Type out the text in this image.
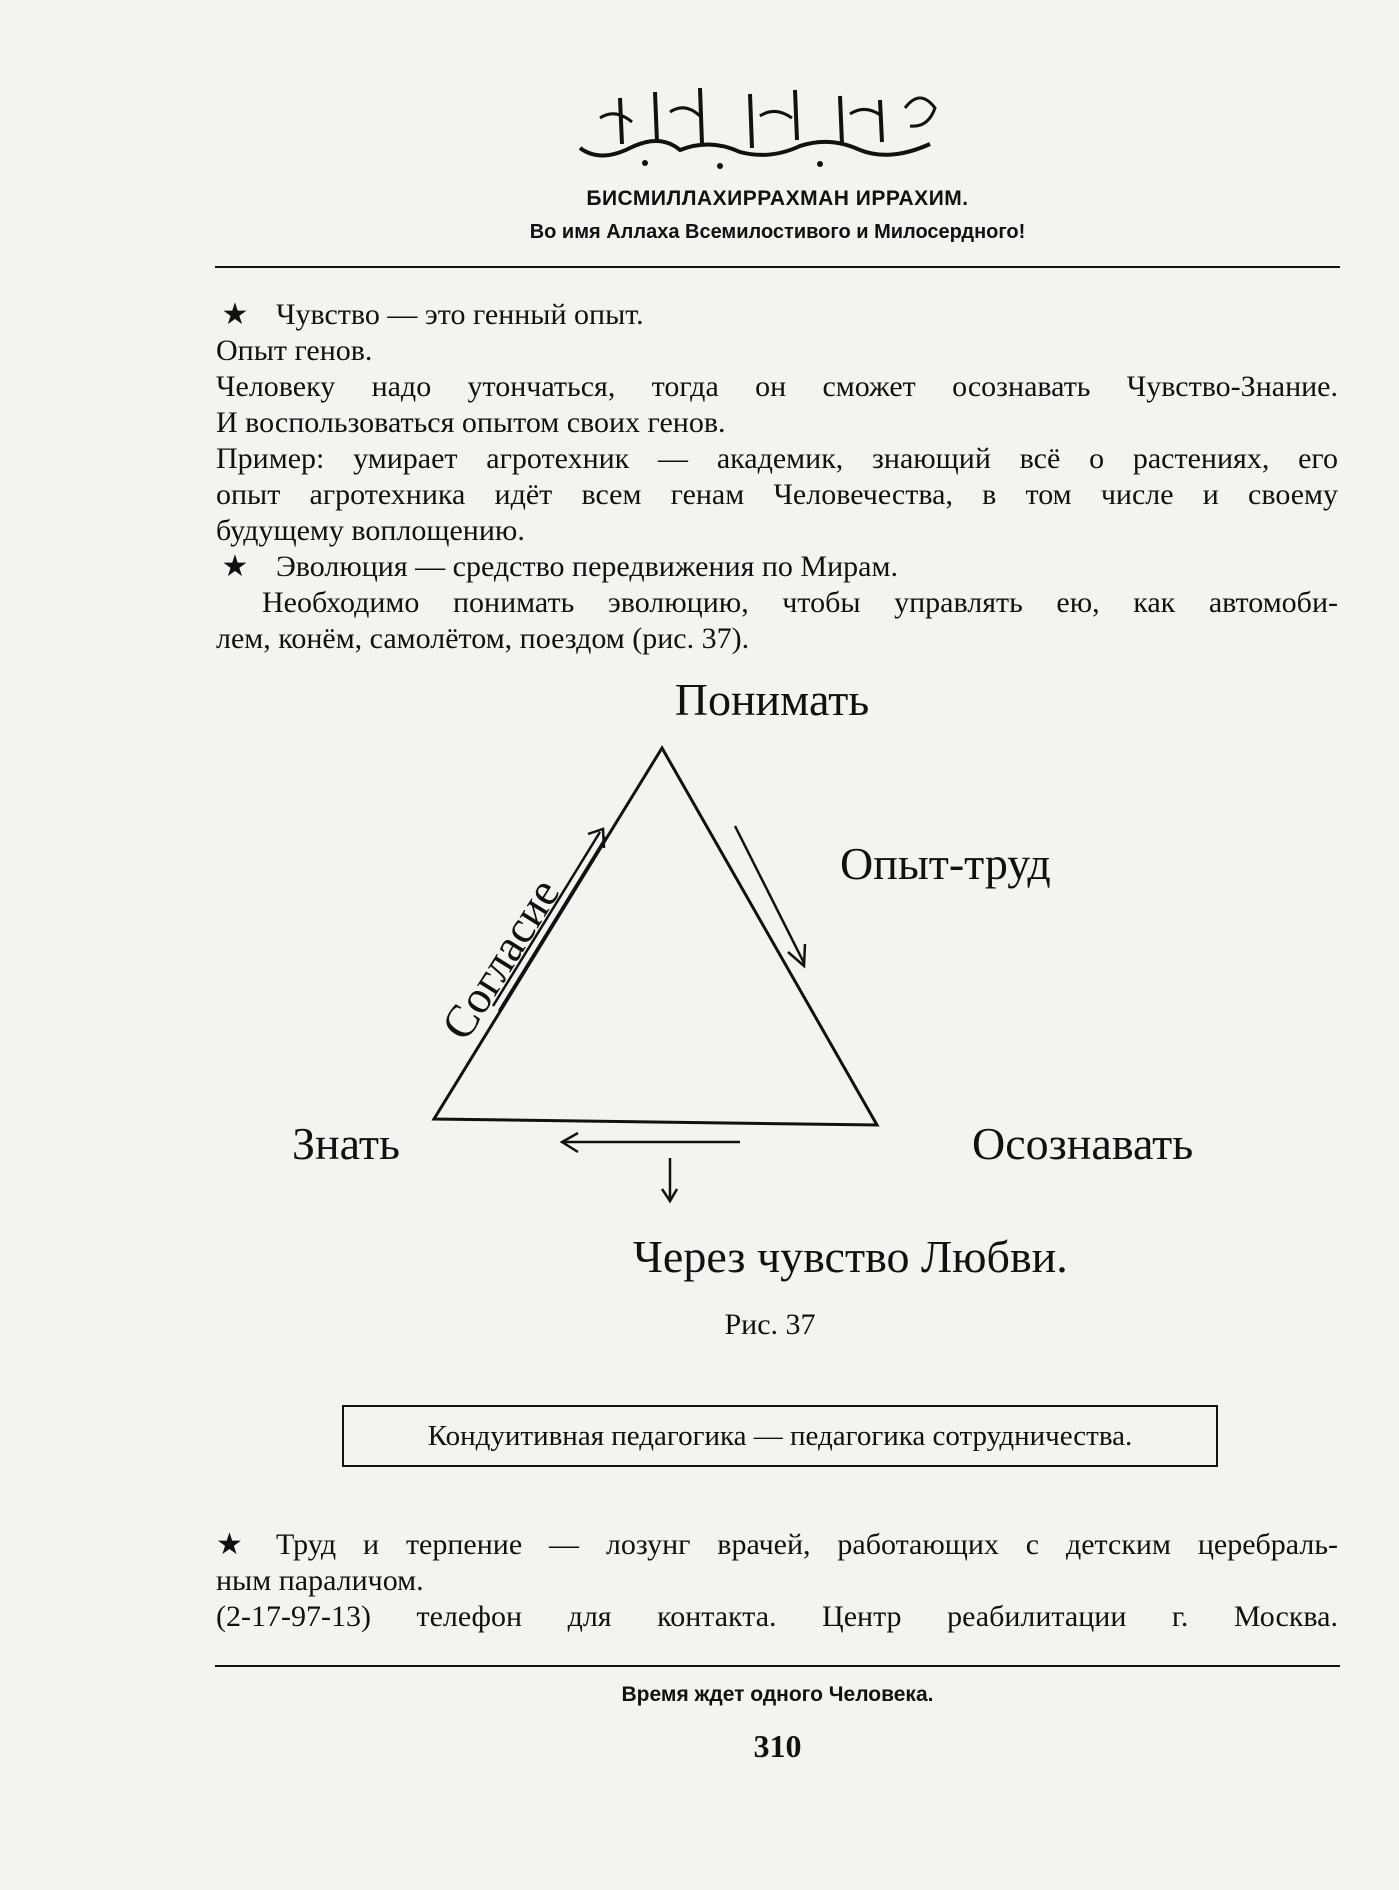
БИСМИЛЛАХИРРАХМАН ИРРАХИМ.
Во имя Аллаха Всемилостивого и Милосердного!

★ Чувство — это генный опыт.

Опыт генов.

Человеку надо утончаться, тогда он сможет осознавать Чувство-Знание.

И воспользоваться опытом своих генов.

Пример: умирает агротехник — академик, знающий всё о растениях, его

опыт агротехника идёт всем генам Человечества, в том числе и своему

будущему воплощению.

★ Эволюция — средство передвижения по Мирам.

Необходимо понимать эволюцию, чтобы управлять ею, как автомоби-

лем, конём, самолётом, поездом (рис. 37).

Понимать
Опыт-труд
Согласие
Знать	Осознавать
Через чувство Любви.
Рис. 37
Кондуитивная педагогика — педагогика сотрудничества.

★ Труд и терпение — лозунг врачей, работающих с детским церебраль-

ным параличом.

(2-17-97-13) телефон для контакта. Центр реабилитации г. Москва.

Время ждет одного Человека.
310
